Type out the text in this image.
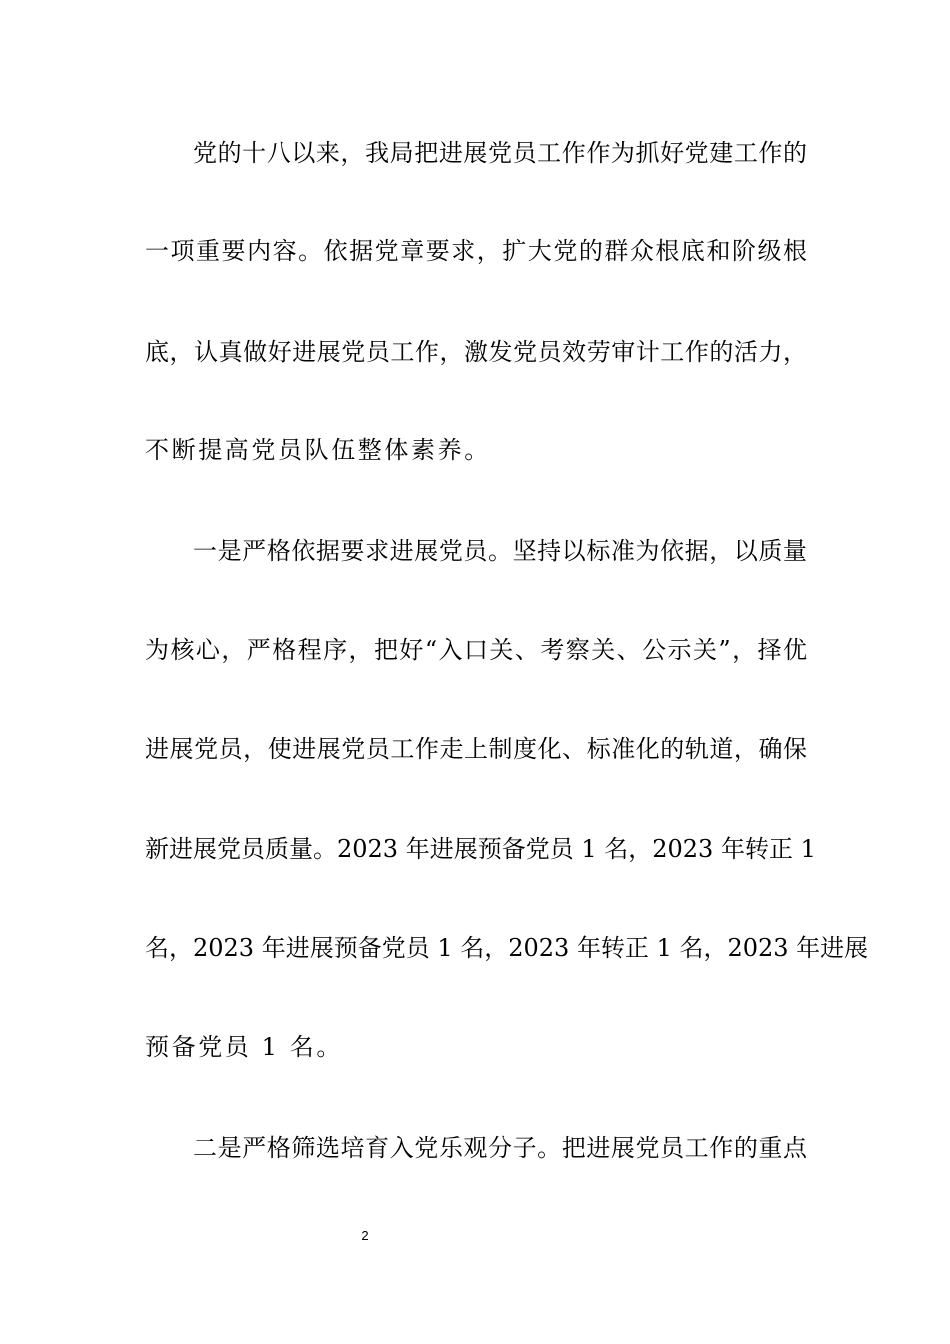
党的十八以来，我局把进展党员工作作为抓好党建工作的
一项重要内容。依据党章要求，扩大党的群众根底和阶级根
底，认真做好进展党员工作，激发党员效劳审计工作的活力，
不断提高党员队伍整体素养。
一是严格依据要求进展党员。坚持以标准为依据，以质量
为核心，严格程序，把好“入口关、考察关、公示关”，择优
进展党员，使进展党员工作走上制度化、标准化的轨道，确保
新进展党员质量。2023 年进展预备党员 1 名，2023 年转正 1
名，2023 年进展预备党员 1 名，2023 年转正 1 名，2023 年进展
预备党员 1 名。
二是严格筛选培育入党乐观分子。把进展党员工作的重点
2
